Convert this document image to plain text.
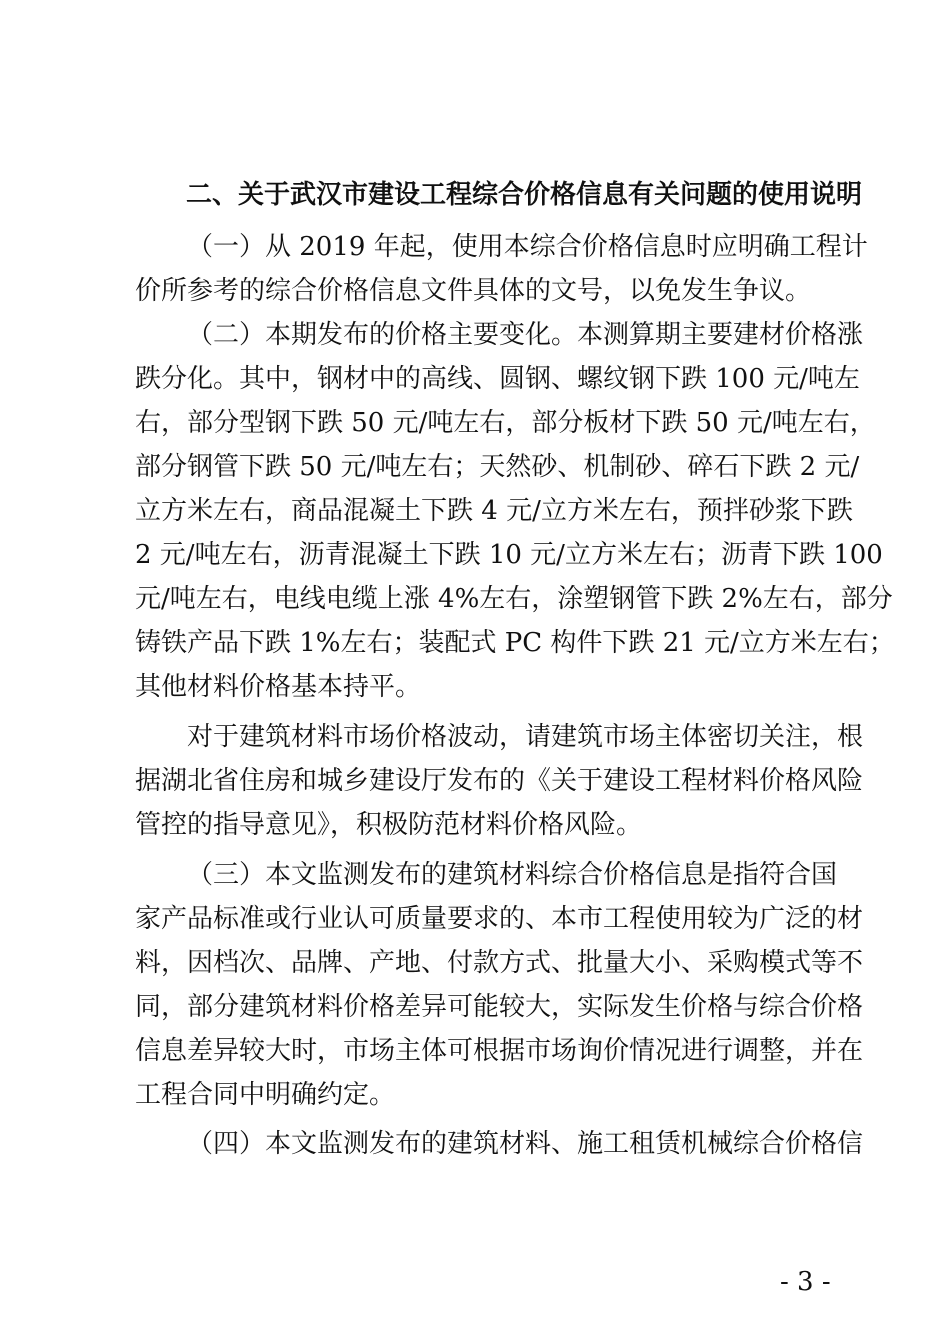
二、关于武汉市建设工程综合价格信息有关问题的使用说明
（一）从 2019 年起，使用本综合价格信息时应明确工程计
价所参考的综合价格信息文件具体的文号，以免发生争议。
（二）本期发布的价格主要变化。本测算期主要建材价格涨
跌分化。其中，钢材中的高线、圆钢、螺纹钢下跌 100 元/吨左
右，部分型钢下跌 50 元/吨左右，部分板材下跌 50 元/吨左右，
部分钢管下跌 50 元/吨左右；天然砂、机制砂、碎石下跌 2 元/
立方米左右，商品混凝土下跌 4 元/立方米左右，预拌砂浆下跌
2 元/吨左右，沥青混凝土下跌 10 元/立方米左右；沥青下跌 100
元/吨左右，电线电缆上涨 4%左右，涂塑钢管下跌 2%左右，部分
铸铁产品下跌 1%左右；装配式 PC 构件下跌 21 元/立方米左右；
其他材料价格基本持平。
对于建筑材料市场价格波动，请建筑市场主体密切关注，根
据湖北省住房和城乡建设厅发布的《关于建设工程材料价格风险
管控的指导意见》，积极防范材料价格风险。
（三）本文监测发布的建筑材料综合价格信息是指符合国
家产品标准或行业认可质量要求的、本市工程使用较为广泛的材
料，因档次、品牌、产地、付款方式、批量大小、采购模式等不
同，部分建筑材料价格差异可能较大，实际发生价格与综合价格
信息差异较大时，市场主体可根据市场询价情况进行调整，并在
工程合同中明确约定。
（四）本文监测发布的建筑材料、施工租赁机械综合价格信
- 3 -
